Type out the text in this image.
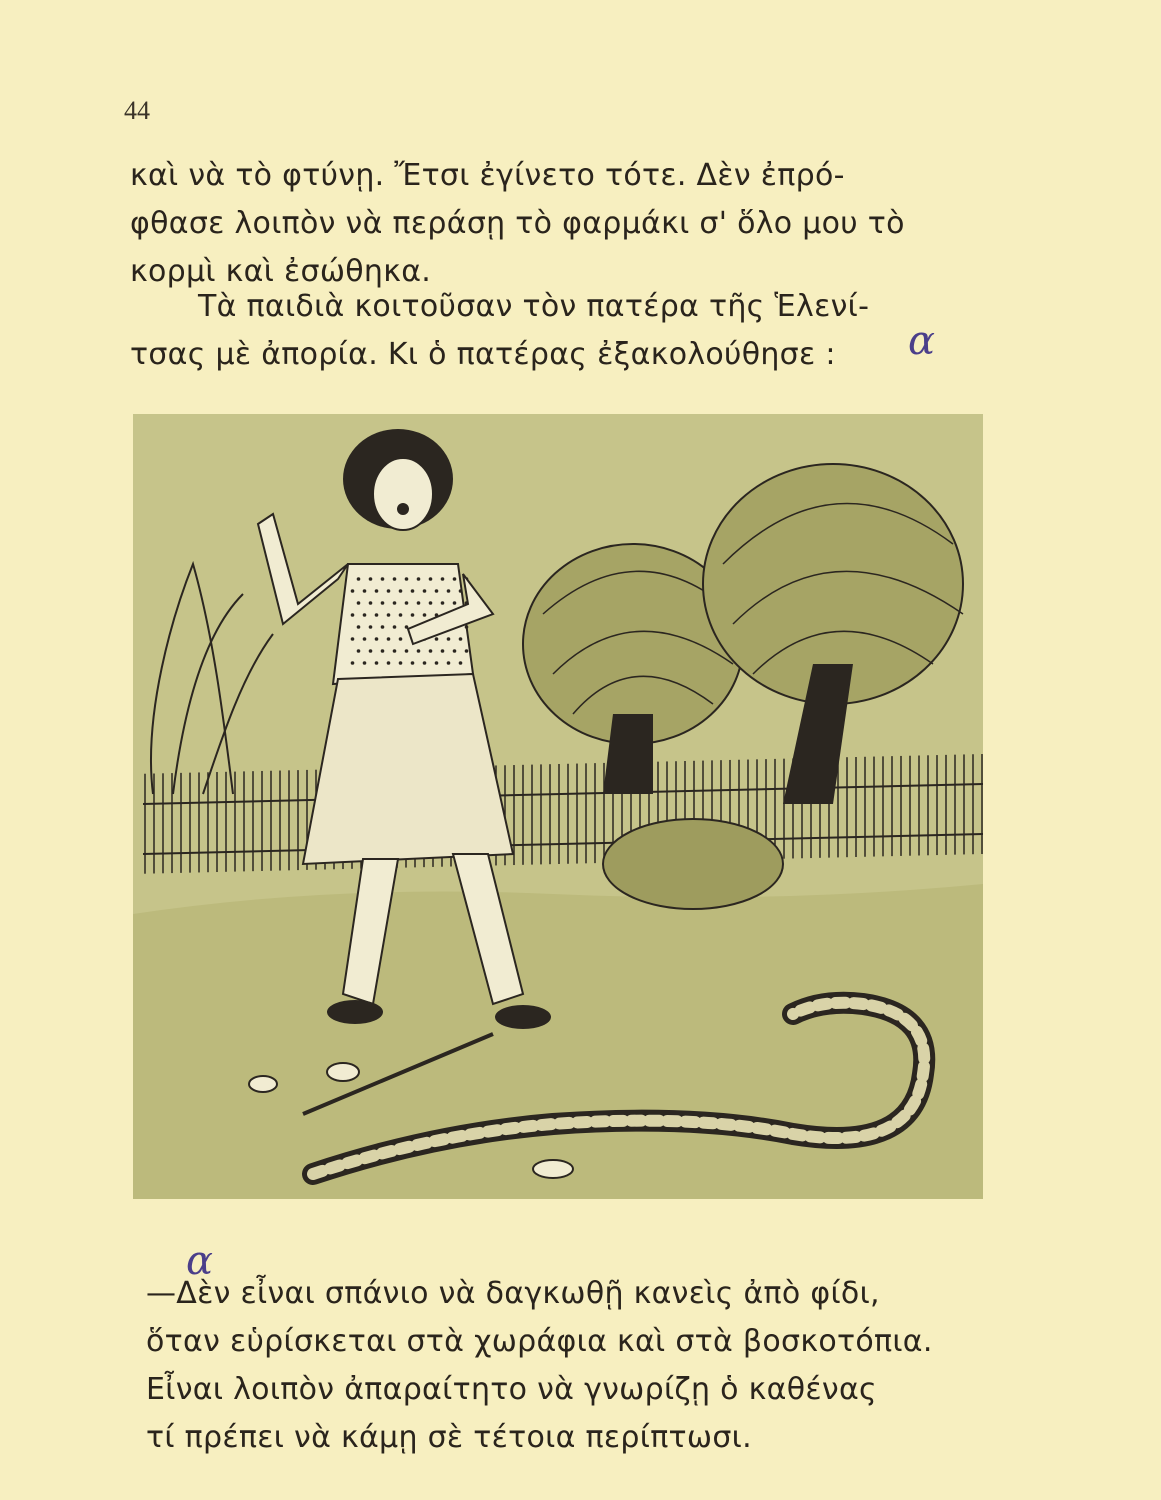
44
καὶ νὰ τὸ φτύνῃ. Ἔτσι ἐγίνετο τότε. Δὲν ἐπρό-
φθασε λοιπὸν νὰ περάσῃ τὸ φαρμάκι σ' ὅλο μου τὸ
κορμὶ καὶ ἐσώθηκα.
Τὰ παιδιὰ κοιτοῦσαν τὸν πατέρα τῆς Ἑλενί-
τσας μὲ ἀπορία. Κι ὁ πατέρας ἐξακολούθησε :	α
α
—Δὲν εἶναι σπάνιο νὰ δαγκωθῇ κανεὶς ἀπὸ φίδι,
ὅταν εὑρίσκεται στὰ χωράφια καὶ στὰ βοσκοτόπια.
Εἶναι λοιπὸν ἀπαραίτητο νὰ γνωρίζῃ ὁ καθένας
τί πρέπει νὰ κάμῃ σὲ τέτοια περίπτωσι.
